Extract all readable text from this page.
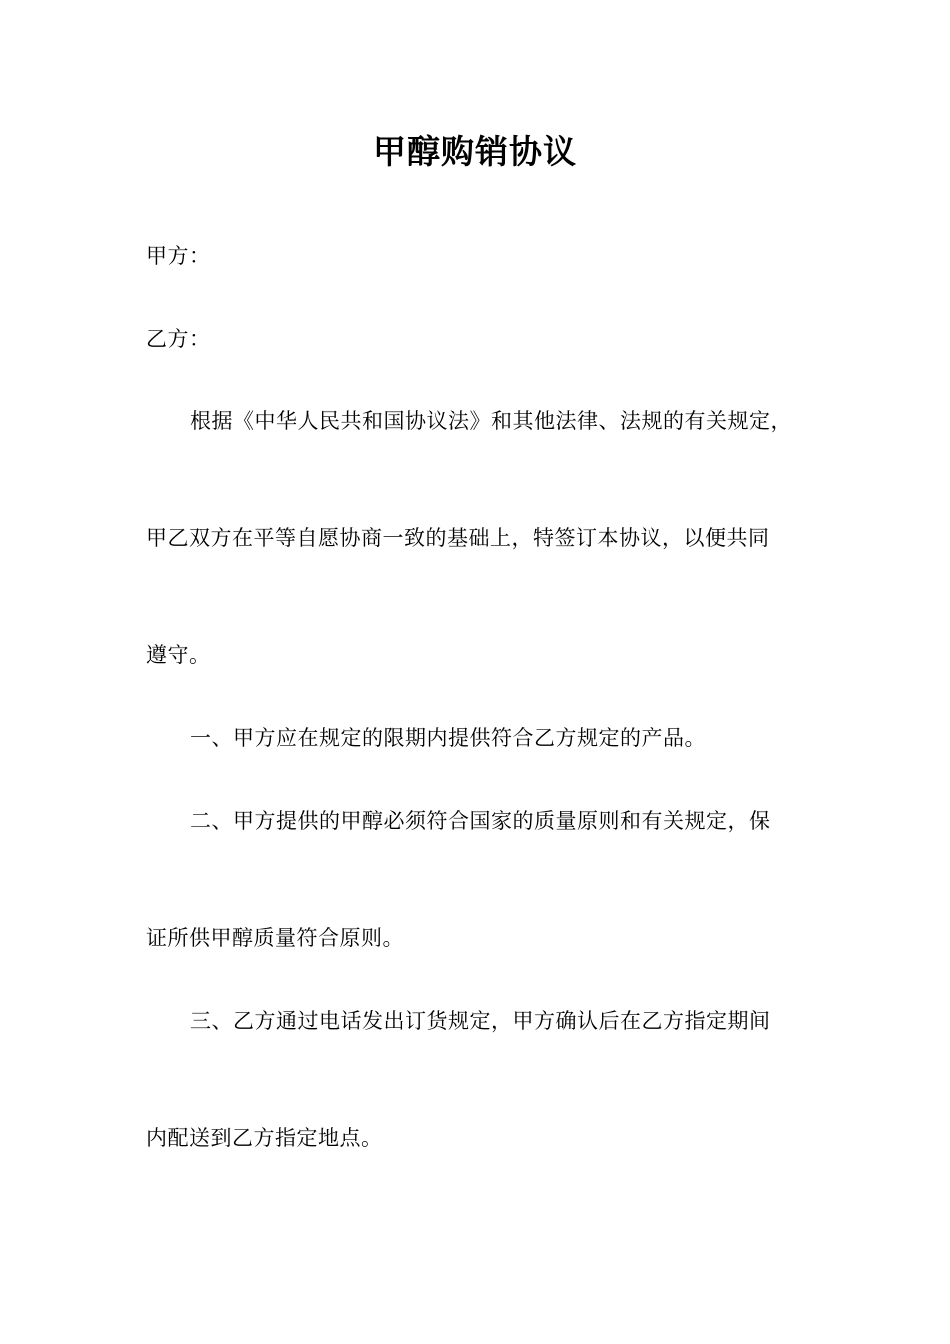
甲醇购销协议
甲方：
乙方：
根据《中华人民共和国协议法》和其他法律、法规的有关规定，
甲乙双方在平等自愿协商一致的基础上，特签订本协议，以便共同
遵守。
一、甲方应在规定的限期内提供符合乙方规定的产品。
二、甲方提供的甲醇必须符合国家的质量原则和有关规定，保
证所供甲醇质量符合原则。
三、乙方通过电话发出订货规定，甲方确认后在乙方指定期间
内配送到乙方指定地点。
